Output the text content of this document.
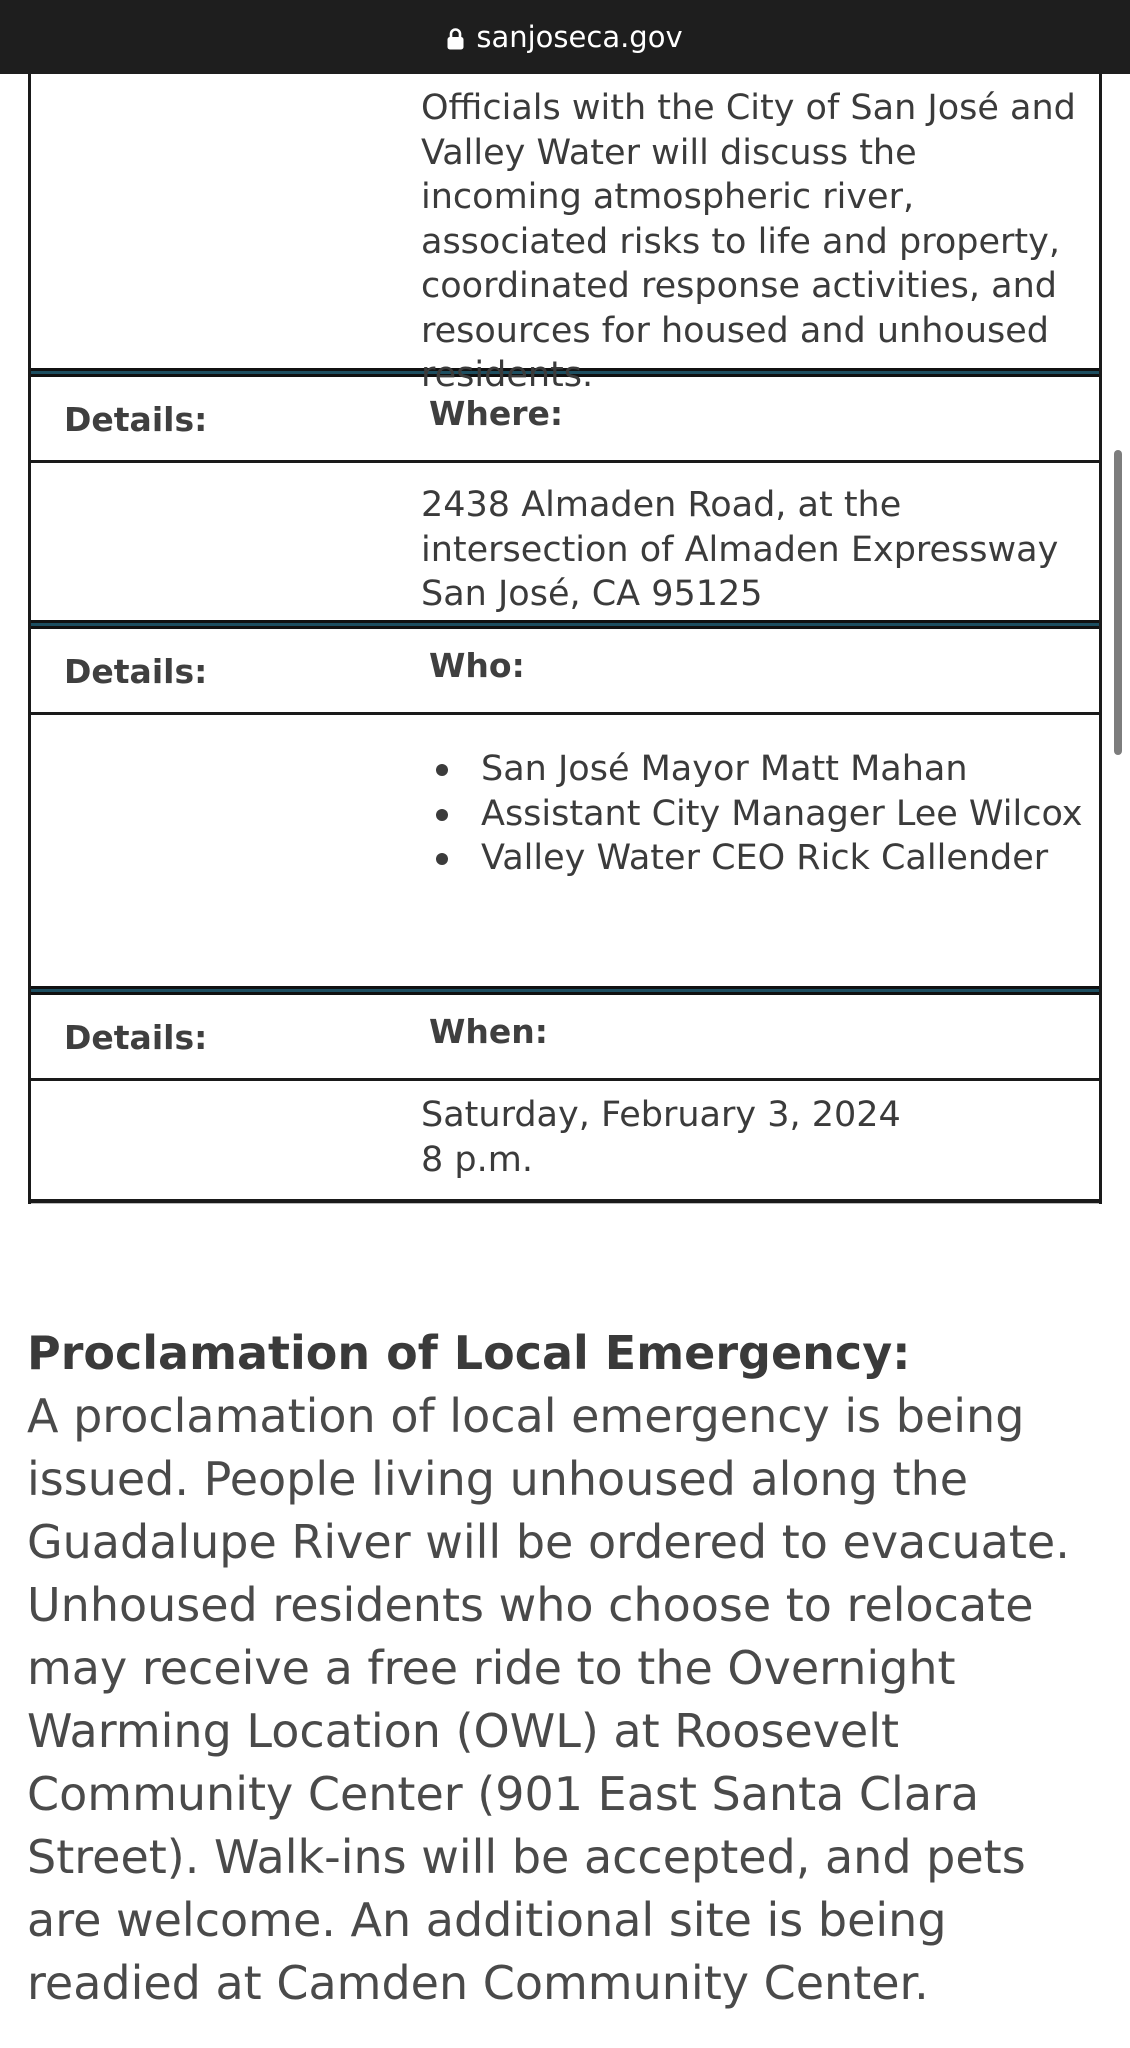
sanjoseca.gov
Officials with the City of San José and Valley Water will discuss the incoming atmospheric river, associated risks to life and property, coordinated response activities, and resources for housed and unhoused residents.
Details:	Where:
2438 Almaden Road, at the
intersection of Almaden Expressway
San José, CA 95125
Details:	Who:
San José Mayor Matt Mahan
Assistant City Manager Lee Wilcox
Valley Water CEO Rick Callender
Details:	When:
Saturday, February 3, 2024
8 p.m.
Proclamation of Local Emergency:
A proclamation of local emergency is being issued. People living unhoused along the Guadalupe River will be ordered to evacuate. Unhoused residents who choose to relocate may receive a free ride to the Overnight Warming Location (OWL) at Roosevelt Community Center (901 East Santa Clara Street). Walk-ins will be accepted, and pets are welcome. An additional site is being readied at Camden Community Center.
